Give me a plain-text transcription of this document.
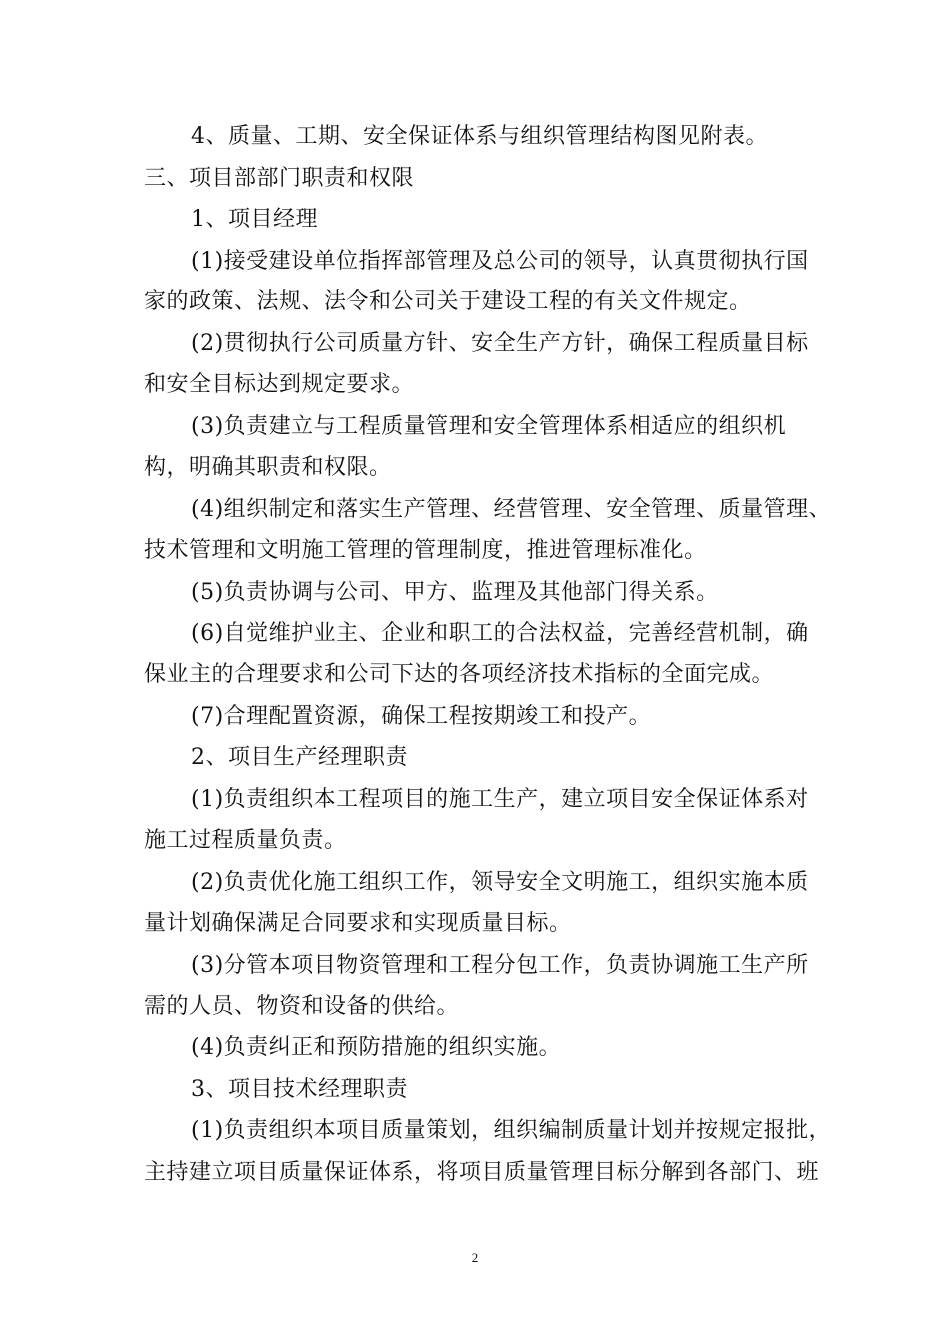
4、质量、工期、安全保证体系与组织管理结构图见附表。
三、项目部部门职责和权限
1、项目经理
(1)接受建设单位指挥部管理及总公司的领导，认真贯彻执行国
家的政策、法规、法令和公司关于建设工程的有关文件规定。
(2)贯彻执行公司质量方针、安全生产方针，确保工程质量目标
和安全目标达到规定要求。
(3)负责建立与工程质量管理和安全管理体系相适应的组织机
构，明确其职责和权限。
(4)组织制定和落实生产管理、经营管理、安全管理、质量管理、
技术管理和文明施工管理的管理制度，推进管理标准化。
(5)负责协调与公司、甲方、监理及其他部门得关系。
(6)自觉维护业主、企业和职工的合法权益，完善经营机制，确
保业主的合理要求和公司下达的各项经济技术指标的全面完成。
(7)合理配置资源，确保工程按期竣工和投产。
2、项目生产经理职责
(1)负责组织本工程项目的施工生产，建立项目安全保证体系对
施工过程质量负责。
(2)负责优化施工组织工作，领导安全文明施工，组织实施本质
量计划确保满足合同要求和实现质量目标。
(3)分管本项目物资管理和工程分包工作，负责协调施工生产所
需的人员、物资和设备的供给。
(4)负责纠正和预防措施的组织实施。
3、项目技术经理职责
(1)负责组织本项目质量策划，组织编制质量计划并按规定报批，
主持建立项目质量保证体系，将项目质量管理目标分解到各部门、班
2
